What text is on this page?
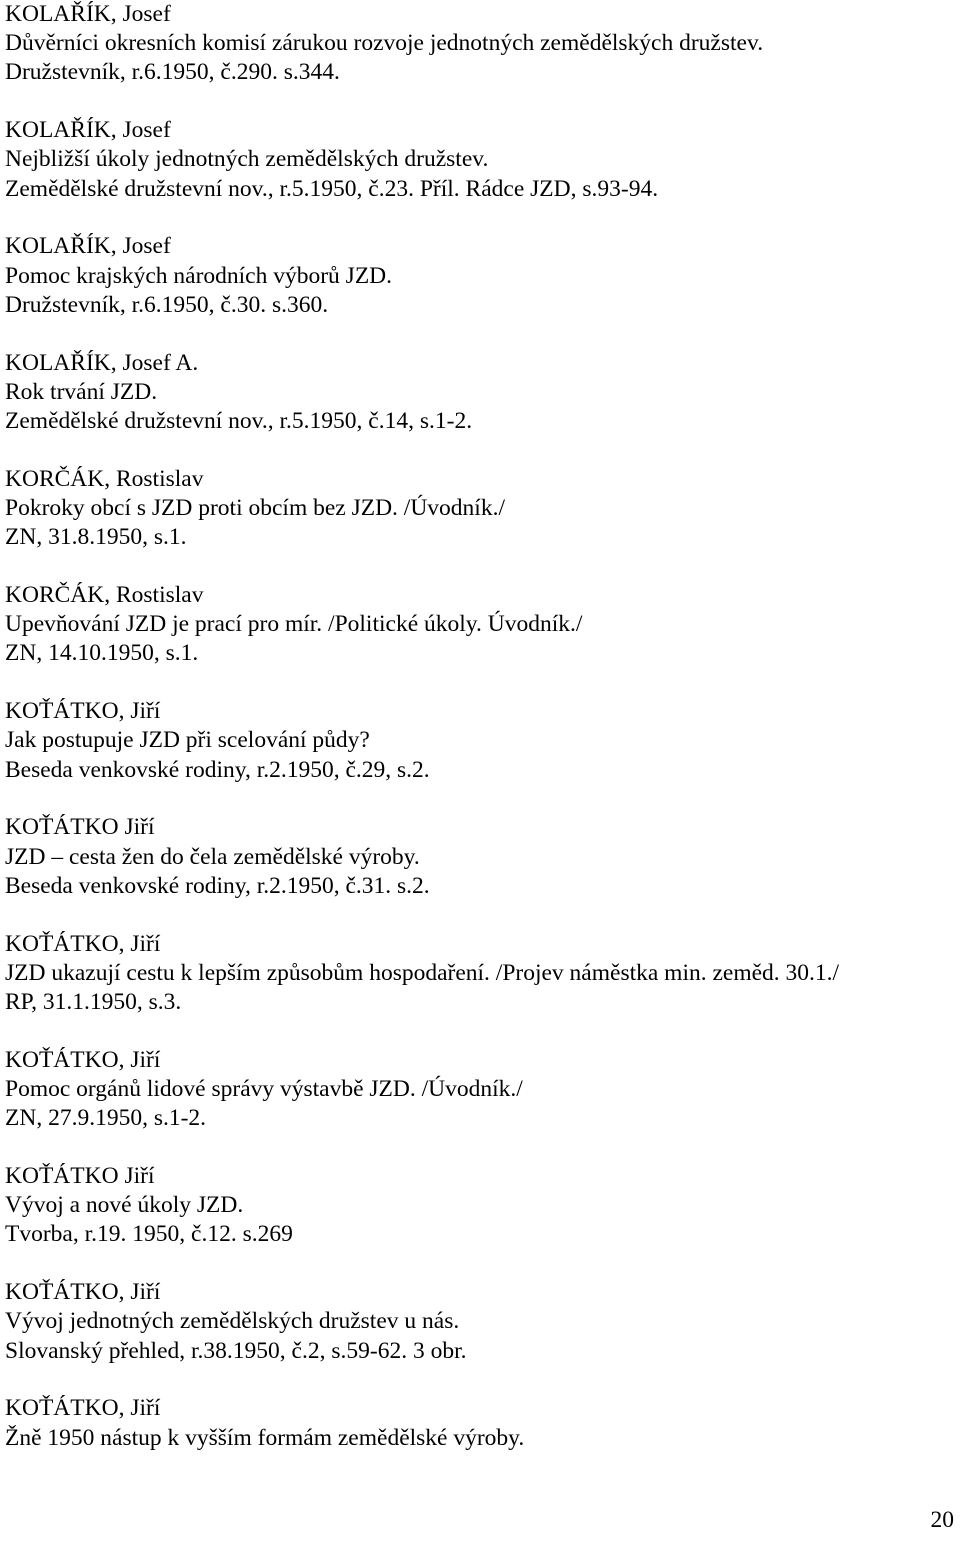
KOLAŘÍK, Josef
Důvěrníci okresních komisí zárukou rozvoje jednotných zemědělských družstev.
Družstevník, r.6.1950, č.290. s.344.
KOLAŘÍK, Josef
Nejbližší úkoly jednotných zemědělských družstev.
Zemědělské družstevní nov., r.5.1950, č.23. Příl. Rádce JZD, s.93-94.
KOLAŘÍK, Josef
Pomoc krajských národních výborů JZD.
Družstevník, r.6.1950, č.30. s.360.
KOLAŘÍK, Josef A.
Rok trvání JZD.
Zemědělské družstevní nov., r.5.1950, č.14, s.1-2.
KORČÁK, Rostislav
Pokroky obcí s JZD proti obcím bez JZD. /Úvodník./
ZN, 31.8.1950, s.1.
KORČÁK, Rostislav
Upevňování JZD je prací pro mír. /Politické úkoly. Úvodník./
ZN, 14.10.1950, s.1.
KOŤÁTKO, Jiří
Jak postupuje JZD při scelování půdy?
Beseda venkovské rodiny, r.2.1950, č.29, s.2.
KOŤÁTKO Jiří
JZD – cesta žen do čela zemědělské výroby.
Beseda venkovské rodiny, r.2.1950, č.31. s.2.
KOŤÁTKO, Jiří
JZD ukazují cestu k lepším způsobům hospodaření. /Projev náměstka min. zeměd. 30.1./
RP, 31.1.1950, s.3.
KOŤÁTKO, Jiří
Pomoc orgánů lidové správy výstavbě JZD. /Úvodník./
ZN, 27.9.1950, s.1-2.
KOŤÁTKO Jiří
Vývoj a nové úkoly JZD.
Tvorba, r.19. 1950, č.12. s.269
KOŤÁTKO, Jiří
Vývoj jednotných zemědělských družstev u nás.
Slovanský přehled, r.38.1950, č.2, s.59-62. 3 obr.
KOŤÁTKO, Jiří
Žně 1950 nástup k vyšším formám zemědělské výroby.
20
